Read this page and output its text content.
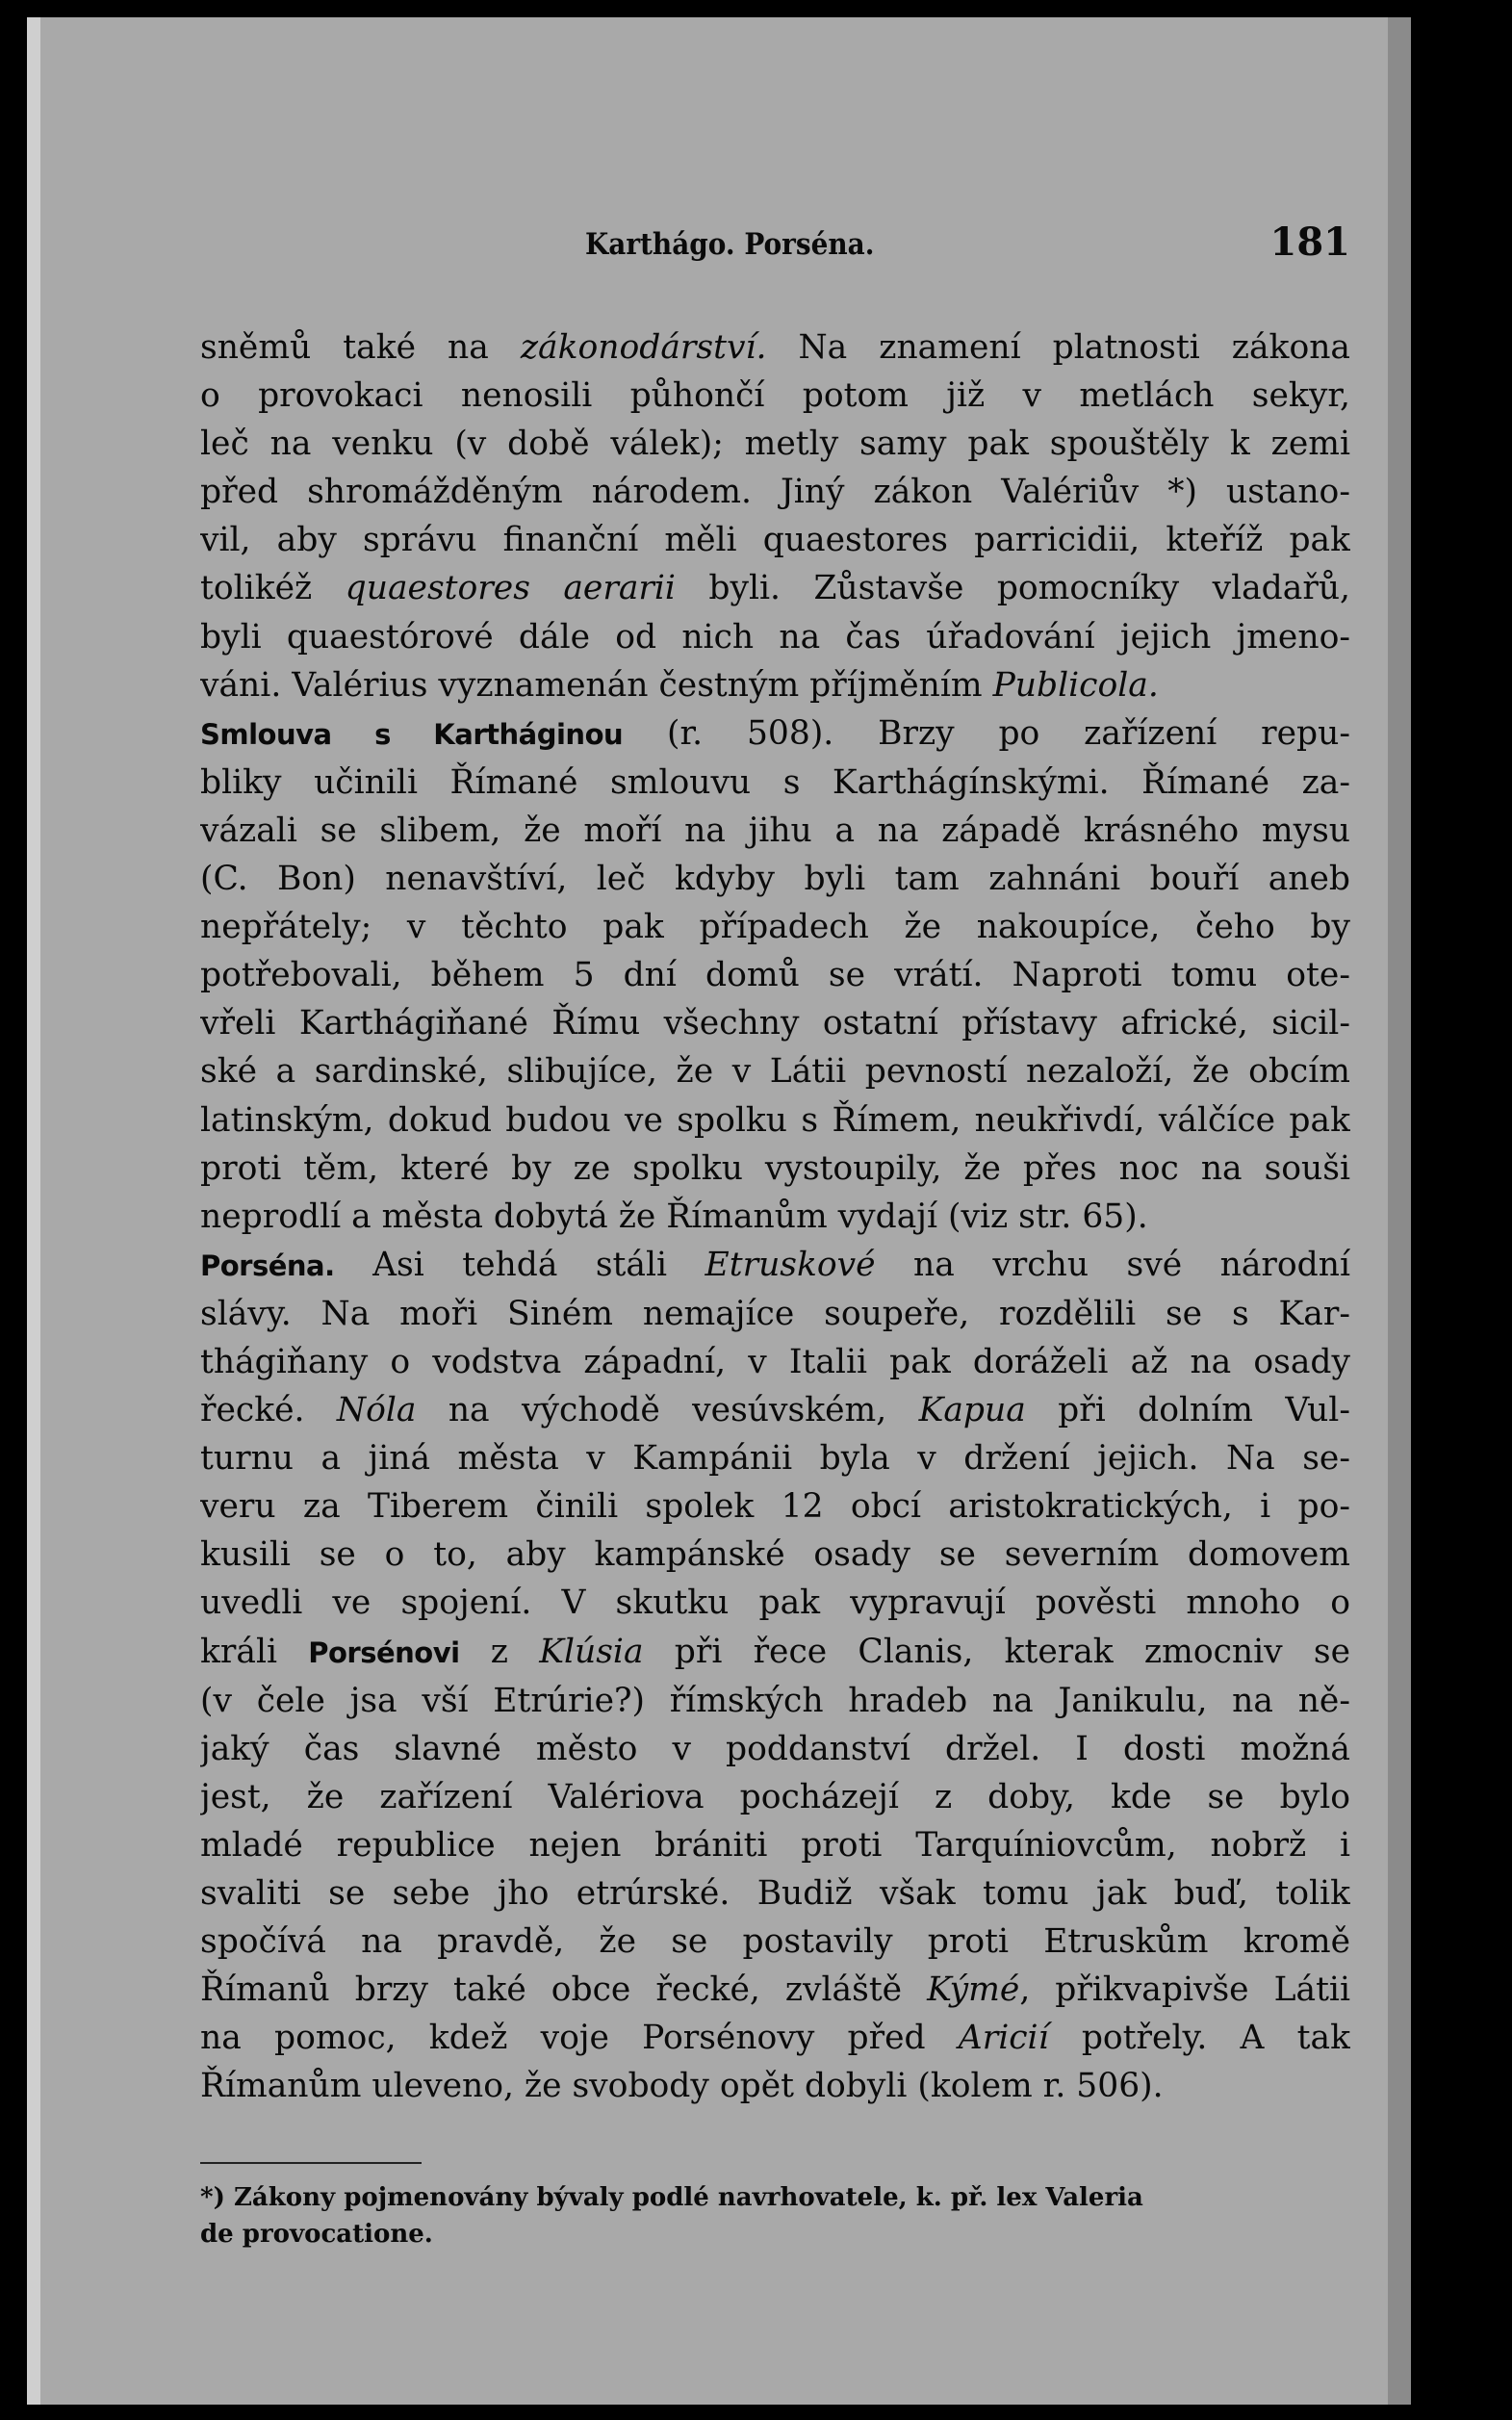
Karthágo. Porséna.	181

sněmů také na zákonodárství. Na znamení platnosti zákona

o provokaci nenosili půhončí potom již v metlách sekyr,

leč na venku (v době válek); metly samy pak spouštěly k zemi

před shromážděným národem. Jiný zákon Valériův *) ustano-

vil, aby správu finanční měli quaestores parricidii, kteříž pak

tolikéž quaestores aerarii byli. Zůstavše pomocníky vladařů,

byli quaestórové dále od nich na čas úřadování jejich jmeno-

váni. Valérius vyznamenán čestným příjměním Publicola.

Smlouva s Kartháginou (r. 508). Brzy po zařízení repu-

bliky učinili Římané smlouvu s Karthágínskými. Římané za-

vázali se slibem, že moří na jihu a na západě krásného mysu

(C. Bon) nenavštíví, leč kdyby byli tam zahnáni bouří aneb

nepřátely; v těchto pak případech že nakoupíce, čeho by

potřebovali, během 5 dní domů se vrátí. Naproti tomu ote-

vřeli Karthágiňané Římu všechny ostatní přístavy africké, sicil-

ské a sardinské, slibujíce, že v Látii pevností nezaloží, že obcím

latinským, dokud budou ve spolku s Římem, neukřivdí, válčíce pak

proti těm, které by ze spolku vystoupily, že přes noc na souši

neprodlí a města dobytá že Římanům vydají (viz str. 65).

Porséna. Asi tehdá stáli Etruskové na vrchu své národní

slávy. Na moři Siném nemajíce soupeře, rozdělili se s Kar-

thágiňany o vodstva západní, v Italii pak doráželi až na osady

řecké. Nóla na východě vesúvském, Kapua při dolním Vul-

turnu a jiná města v Kampánii byla v držení jejich. Na se-

veru za Tiberem činili spolek 12 obcí aristokratických, i po-

kusili se o to, aby kampánské osady se severním domovem

uvedli ve spojení. V skutku pak vypravují pověsti mnoho o

králi Porsénovi z Klúsia při řece Clanis, kterak zmocniv se

(v čele jsa vší Etrúrie?) římských hradeb na Janikulu, na ně-

jaký čas slavné město v poddanství držel. I dosti možná

jest, že zařízení Valériova pocházejí z doby, kde se bylo

mladé republice nejen brániti proti Tarquíniovcům, nobrž i

svaliti se sebe jho etrúrské. Budiž však tomu jak buď, tolik

spočívá na pravdě, že se postavily proti Etruskům kromě

Římanů brzy také obce řecké, zvláště Kýmé, přikvapivše Látii

na pomoc, kdež voje Porsénovy před Aricií potřely. A tak

Římanům uleveno, že svobody opět dobyli (kolem r. 506).

*) Zákony pojmenovány bývaly podlé navrhovatele, k. př. lex Valeria

de provocatione.
